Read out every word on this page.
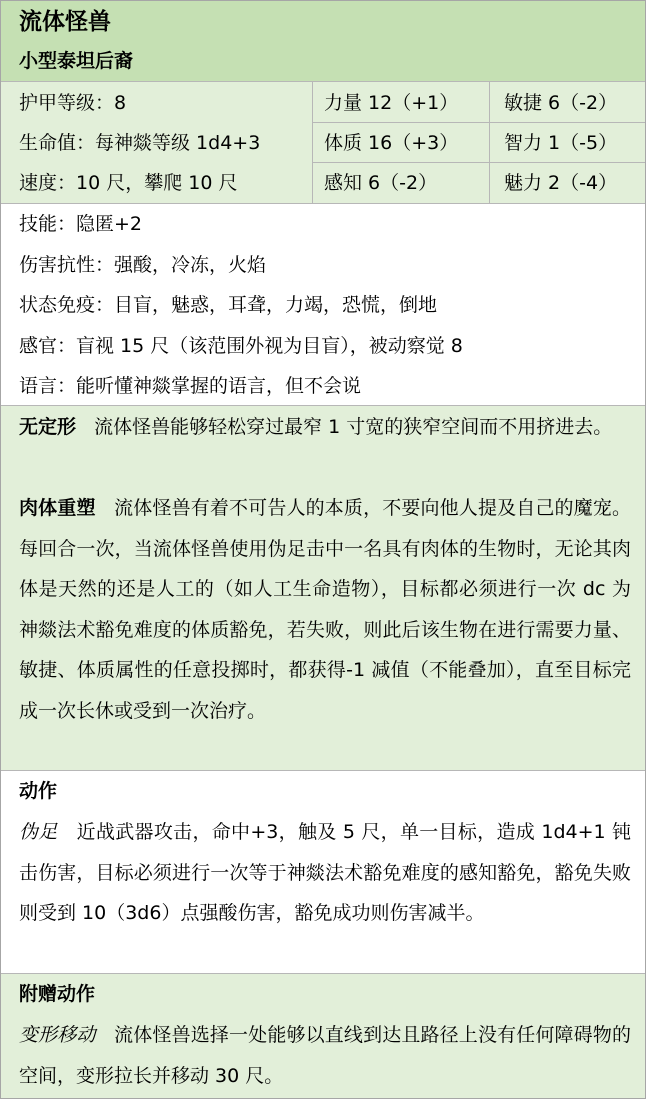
流体怪兽
小型泰坦后裔
护甲等级：8
生命值：每神燚等级 1d4+3
速度：10 尺，攀爬 10 尺
力量 12（+1）
体质 16（+3）
感知 6（-2）
敏捷 6（-2）
智力 1（-5）
魅力 2（-4）
技能：隐匿+2
伤害抗性：强酸，冷冻，火焰
状态免疫：目盲，魅惑，耳聋，力竭，恐慌，倒地
感官：盲视 15 尺（该范围外视为目盲），被动察觉 8
语言：能听懂神燚掌握的语言，但不会说
无定形 流体怪兽能够轻松穿过最窄 1 寸宽的狭窄空间而不用挤进去。
肉体重塑 流体怪兽有着不可告人的本质，不要向他人提及自己的魔宠。每回合一次，当流体怪兽使用伪足击中一名具有肉体的生物时，无论其肉体是天然的还是人工的（如人工生命造物），目标都必须进行一次 dc 为神燚法术豁免难度的体质豁免，若失败，则此后该生物在进行需要力量、敏捷、体质属性的任意投掷时，都获得-1 减值（不能叠加），直至目标完成一次长休或受到一次治疗。
动作
伪足 近战武器攻击，命中+3，触及 5 尺，单一目标，造成 1d4+1 钝击伤害，目标必须进行一次等于神燚法术豁免难度的感知豁免，豁免失败则受到 10（3d6）点强酸伤害，豁免成功则伤害减半。
附赠动作
变形移动 流体怪兽选择一处能够以直线到达且路径上没有任何障碍物的空间，变形拉长并移动 30 尺。
